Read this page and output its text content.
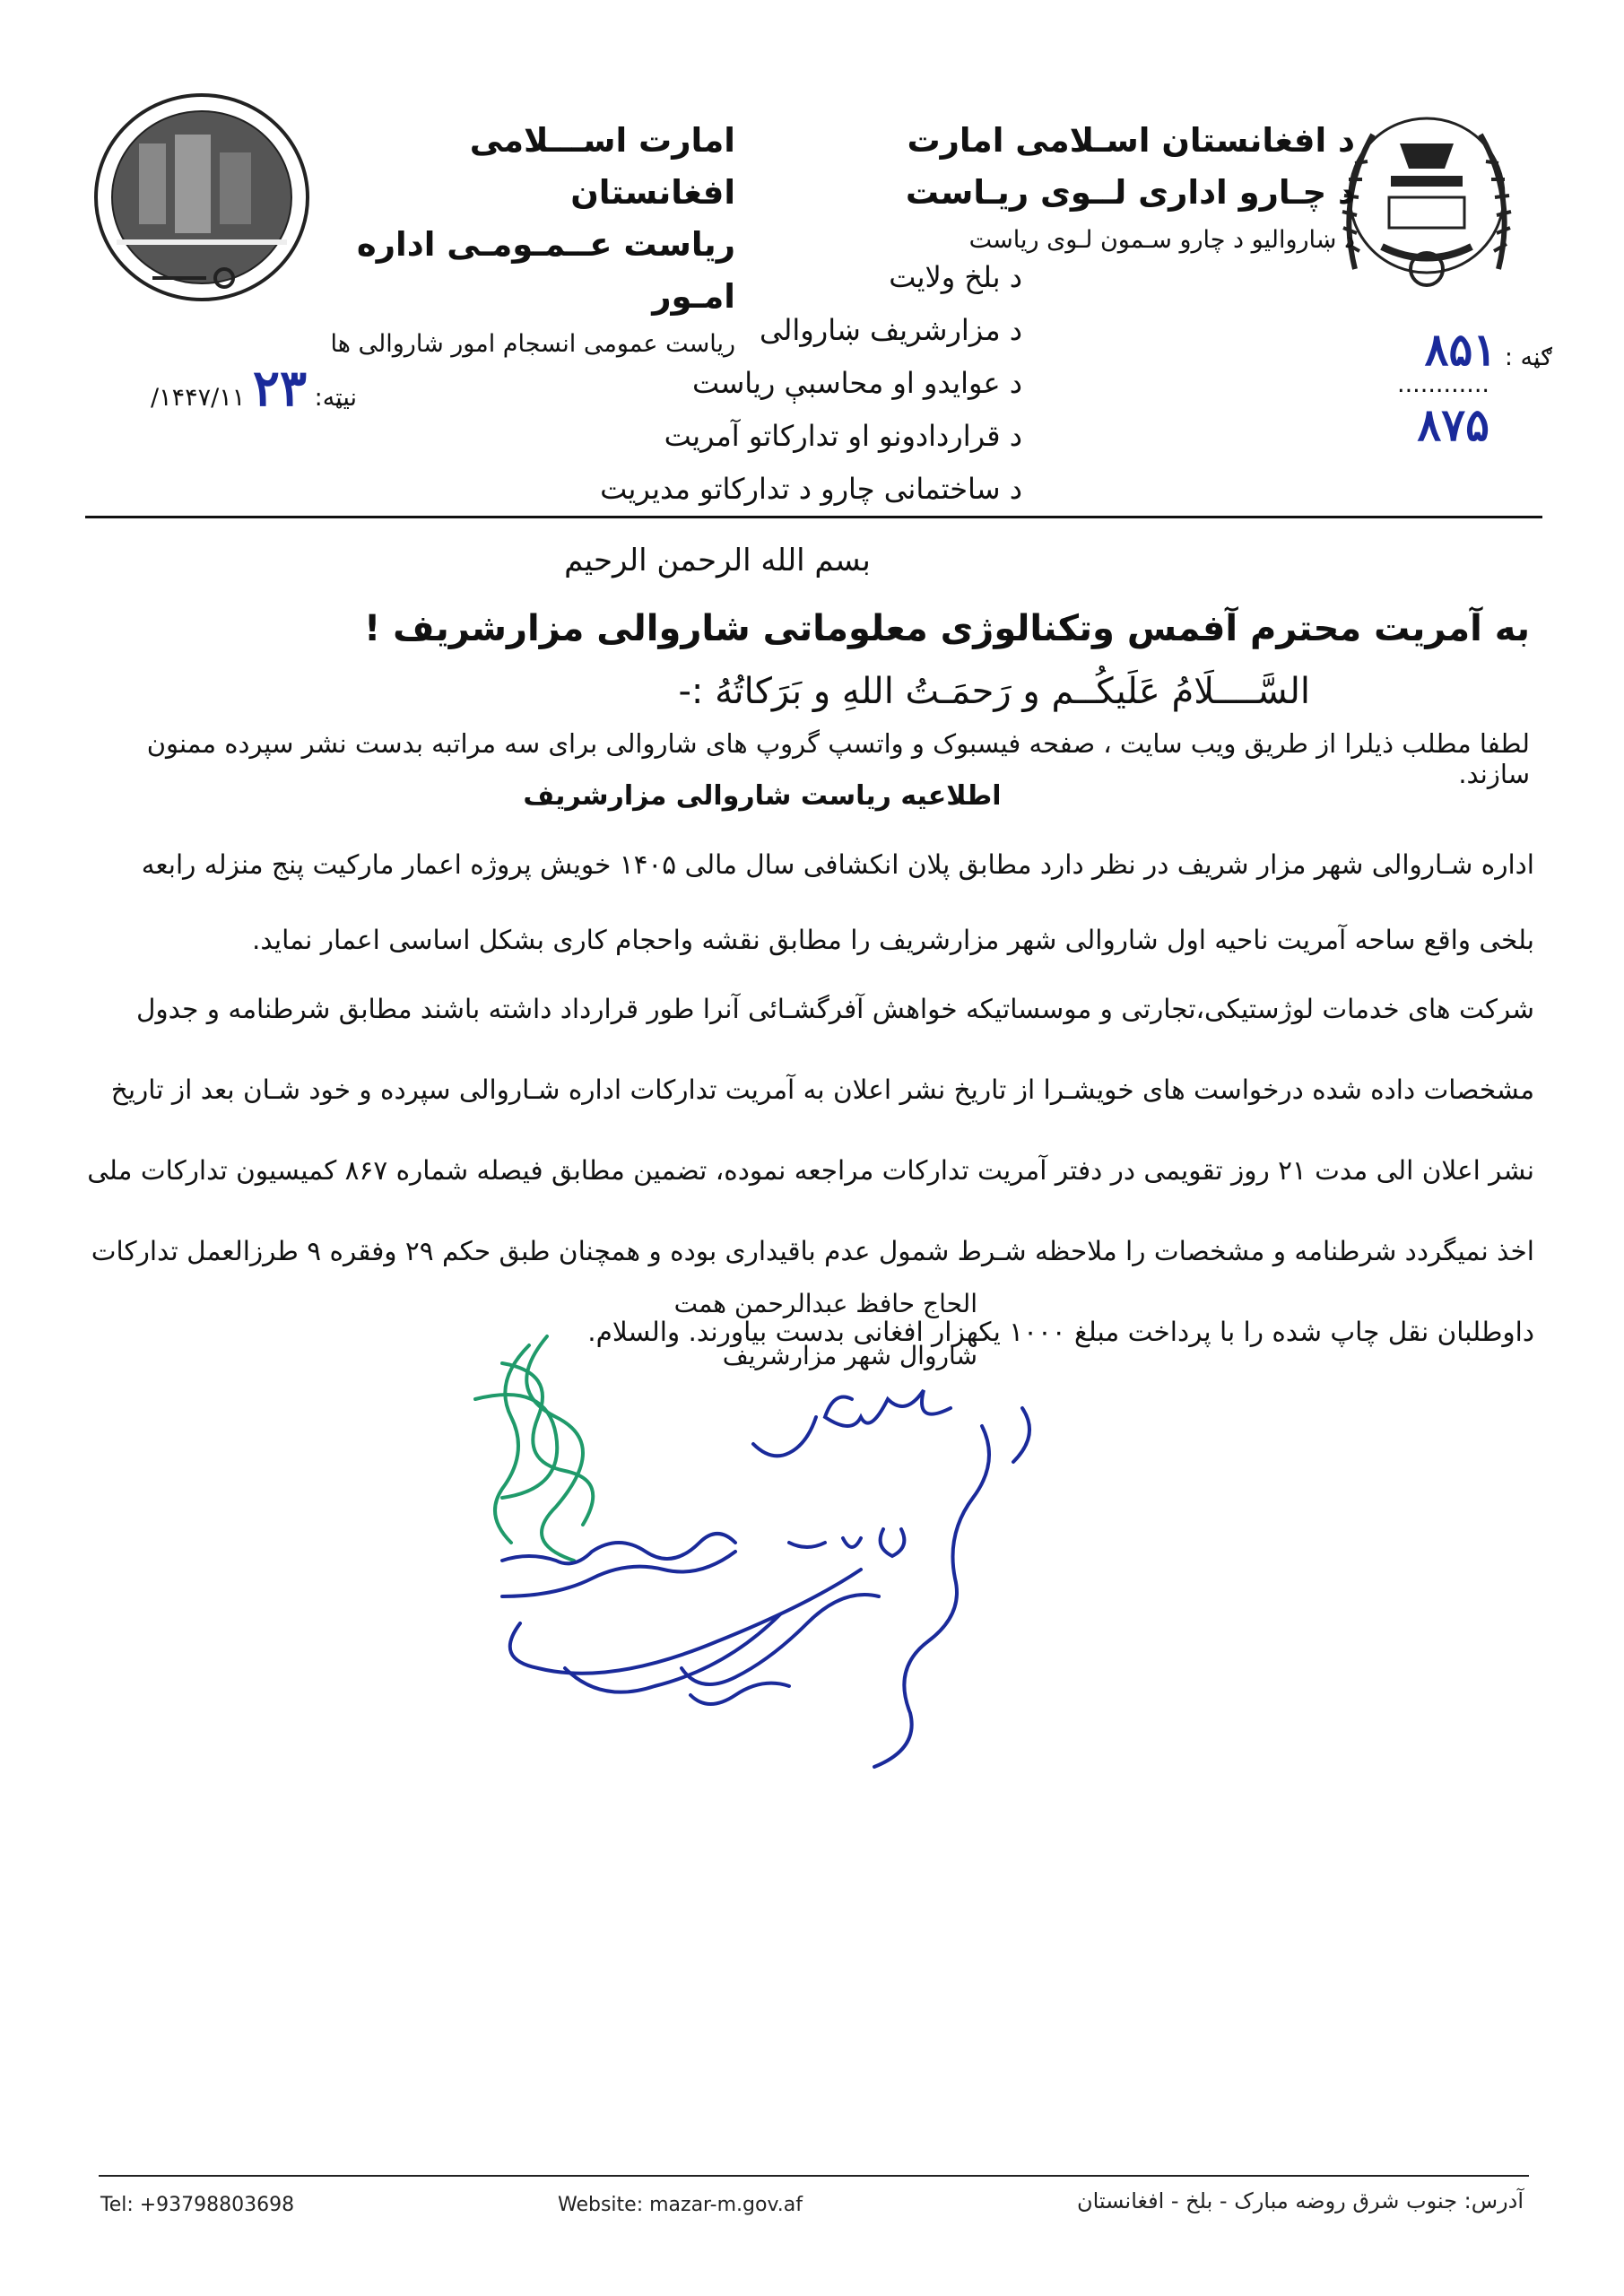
د افغانستان اسـلامی امارت
د چـارو اداری لــوی ریـاست
د ښاروالیو د چارو سـمون لـوی ریاست
امارت اســـلامی افغانستان
ریاست عــمـومـی اداره امـور
ریاست عمومی انسجام امور شاروالی ها
د بلخ ولایت
د مزارشریف ښاروالی
د عوایدو او محاسبې ریاست
د قراردادونو او تدارکاتو آمریت
د ساختمانی چارو د تدارکاتو مدیریت
نیټه: ۲۳ ۱۴۴۷/۱۱/
ګڼه : ۸۵۱
............
۸۷۵
بسم الله الرحمن الرحیم
به آمریت محترم آفمس وتکنالوژی معلوماتی شاروالی مزارشریف !
السَّــــلَامُ عَلَیکُــم و رَحمَـتُ اللهِ و بَرَکاتُهُ :-
لطفا مطلب ذیلرا از طریق ویب سایت ، صفحه فیسبوک و واتسپ گروپ های شاروالی برای سه مراتبه بدست نشر سپرده ممنون سازند.
اطلاعیه ریاست شاروالی مزارشریف
اداره شـاروالی شهر مزار شریف در نظر دارد مطابق پلان انکشافی سال مالی ۱۴۰۵ خویش پروژه اعمار مارکیت پنج منزله رابعه بلخی واقع ساحه آمریت ناحیه اول شاروالی شهر مزارشریف را مطابق نقشه واحجام کاری بشکل اساسی اعمار نماید.
شرکت های خدمات لوژستیکی،تجارتی و موسساتیکه خواهش آفرگشـائی آنرا طور قرارداد داشته باشند مطابق شرطنامه و جدول مشخصات داده شده درخواست های خویشـرا از تاریخ نشر اعلان به آمریت تدارکات اداره شـاروالی سپرده و خود شـان بعد از تاریخ نشر اعلان الی مدت ۲۱ روز تقویمی در دفتر آمریت تدارکات مراجعه نموده، تضمین مطابق فیصله شماره ۸۶۷ کمیسیون تدارکات ملی اخذ نمیگردد شرطنامه و مشخصات را ملاحظه شـرط شمول عدم باقیداری بوده و همچنان طبق حکم ۲۹ وفقره ۹ طرزالعمل تدارکات داوطلبان نقل چاپ شده را با پرداخت مبلغ ۱۰۰۰ یکهزار افغانی بدست بیاورند. والسلام.
الحاج حافظ عبدالرحمن همت
شاروال شهر مزارشریف
Tel: +93798803698	Website: mazar-m.gov.af	آدرس: جنوب شرق روضه مبارک - بلخ - افغانستان
